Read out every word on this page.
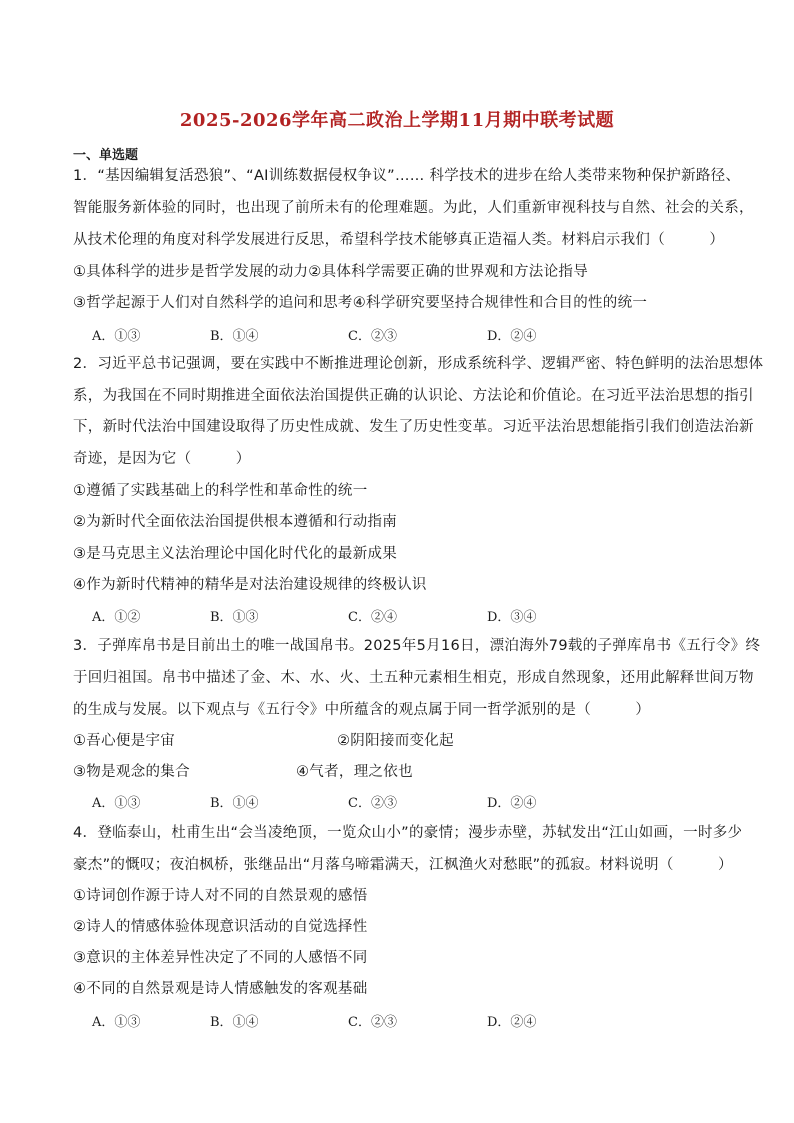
2025-2026学年高二政治上学期11月期中联考试题
一、单选题
1．“基因编辑复活恐狼”、“AI训练数据侵权争议”…… 科学技术的进步在给人类带来物种保护新路径、
智能服务新体验的同时，也出现了前所未有的伦理难题。为此，人们重新审视科技与自然、社会的关系，
从技术伦理的角度对科学发展进行反思，希望科学技术能够真正造福人类。材料启示我们（　　　）
①具体科学的进步是哲学发展的动力②具体科学需要正确的世界观和方法论指导
③哲学起源于人们对自然科学的追问和思考④科学研究要坚持合规律性和合目的性的统一
A．①③	B．①④	C．②③	D．②④
2．习近平总书记强调，要在实践中不断推进理论创新，形成系统科学、逻辑严密、特色鲜明的法治思想体
系，为我国在不同时期推进全面依法治国提供正确的认识论、方法论和价值论。在习近平法治思想的指引
下，新时代法治中国建设取得了历史性成就、发生了历史性变革。习近平法治思想能指引我们创造法治新
奇迹，是因为它（　　　）
①遵循了实践基础上的科学性和革命性的统一
②为新时代全面依法治国提供根本遵循和行动指南
③是马克思主义法治理论中国化时代化的最新成果
④作为新时代精神的精华是对法治建设规律的终极认识
A．①②	B．①③	C．②④	D．③④
3．子弹库帛书是目前出土的唯一战国帛书。2025年5月16日，漂泊海外79载的子弹库帛书《五行令》终
于回归祖国。帛书中描述了金、木、水、火、土五种元素相生相克，形成自然现象，还用此解释世间万物
的生成与发展。以下观点与《五行令》中所蕴含的观点属于同一哲学派别的是（　　　）
①吾心便是宇宙	②阴阳接而变化起
③物是观念的集合	④气者，理之依也
A．①③	B．①④	C．②③	D．②④
4．登临泰山，杜甫生出“会当凌绝顶，一览众山小”的豪情；漫步赤壁，苏轼发出“江山如画，一时多少
豪杰”的慨叹；夜泊枫桥，张继品出“月落乌啼霜满天，江枫渔火对愁眠”的孤寂。材料说明（　　　）
①诗词创作源于诗人对不同的自然景观的感悟
②诗人的情感体验体现意识活动的自觉选择性
③意识的主体差异性决定了不同的人感悟不同
④不同的自然景观是诗人情感触发的客观基础
A．①③	B．①④	C．②③	D．②④
